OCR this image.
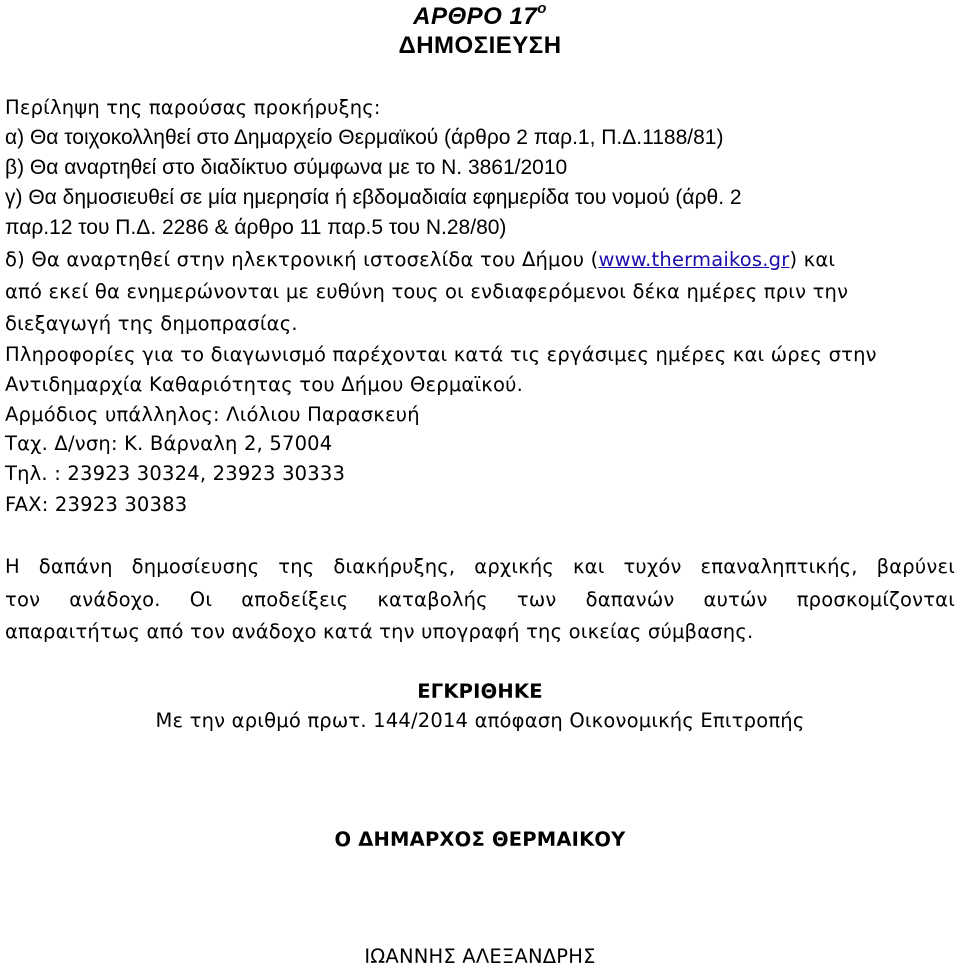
ΑΡΘΡΟ $17^o$
ΔΗΜΟΣΙΕΥΣΗ

Περίληψη της παρούσας προκήρυξης:

α) Θα τοιχοκολληθεί στο Δημαρχείο Θερμαϊκού (άρθρο 2 παρ.1, Π.Δ.1188/81)

β) Θα αναρτηθεί στο διαδίκτυο σύμφωνα με το Ν. 3861/2010

γ) Θα δημοσιευθεί σε μία ημερησία ή εβδομαδιαία εφημερίδα του νομού (άρθ. 2

παρ.12 του Π.Δ. 2286 & άρθρο 11 παρ.5 του Ν.28/80)

δ) Θα αναρτηθεί στην ηλεκτρονική ιστοσελίδα του Δήμου (www.thermaikos.gr) και

από εκεί θα ενημερώνονται με ευθύνη τους οι ενδιαφερόμενοι δέκα ημέρες πριν την

διεξαγωγή της δημοπρασίας.

Πληροφορίες για το διαγωνισμό παρέχονται κατά τις εργάσιμες ημέρες και ώρες στην

Αντιδημαρχία Καθαριότητας του Δήμου Θερμαϊκού.

Αρμόδιος υπάλληλος: Λιόλιου Παρασκευή

Ταχ. Δ/νση: Κ. Βάρναλη 2, 57004

Τηλ. : 23923 30324, 23923 30333

FAX: 23923 30383

Η δαπάνη δημοσίευσης της διακήρυξης, αρχικής και τυχόν επαναληπτικής, βαρύνει

τον ανάδοχο. Οι αποδείξεις καταβολής των δαπανών αυτών προσκομίζονται

απαραιτήτως από τον ανάδοχο κατά την υπογραφή της οικείας σύμβασης.

ΕΓΚΡΙΘΗΚΕ

Με την αριθμό πρωτ. 144/2014 απόφαση Οικονομικής Επιτροπής

Ο ΔΗΜΑΡΧΟΣ ΘΕΡΜΑΙΚΟΥ

ΙΩΑΝΝΗΣ ΑΛΕΞΑΝΔΡΗΣ
